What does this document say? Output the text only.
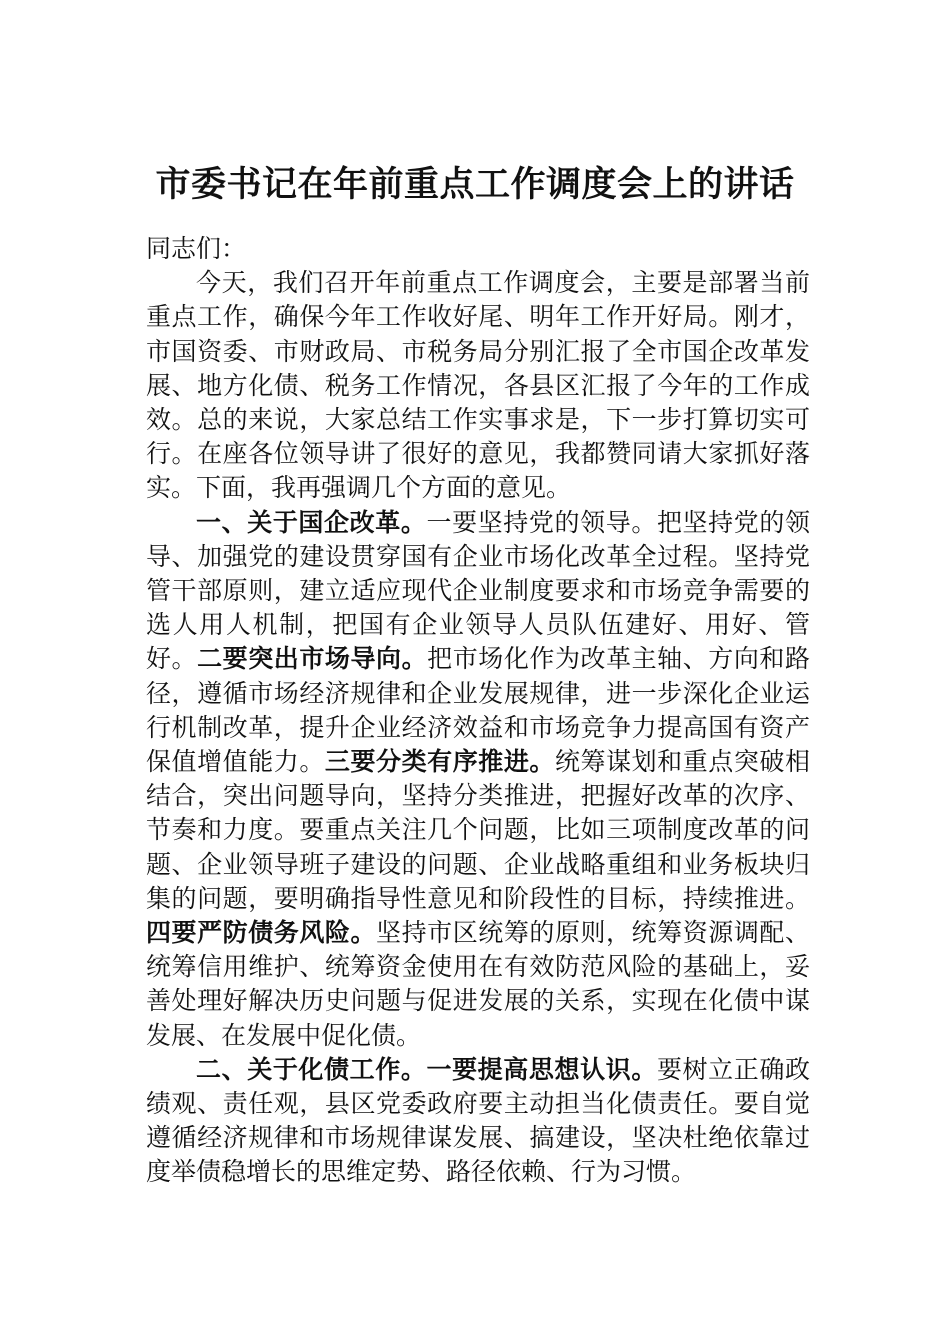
市委书记在年前重点工作调度会上的讲话

同志们：

今天，我们召开年前重点工作调度会，主要是部署当前重点工作，确保今年工作收好尾、明年工作开好局。刚才，市国资委、市财政局、市税务局分别汇报了全市国企改革发展、地方化债、税务工作情况，各县区汇报了今年的工作成效。总的来说，大家总结工作实事求是，下一步打算切实可行。在座各位领导讲了很好的意见，我都赞同请大家抓好落实。下面，我再强调几个方面的意见。

一、关于国企改革。一要坚持党的领导。把坚持党的领导、加强党的建设贯穿国有企业市场化改革全过程。坚持党管干部原则，建立适应现代企业制度要求和市场竞争需要的选人用人机制，把国有企业领导人员队伍建好、用好、管好。二要突出市场导向。把市场化作为改革主轴、方向和路径，遵循市场经济规律和企业发展规律，进一步深化企业运行机制改革，提升企业经济效益和市场竞争力提高国有资产保值增值能力。三要分类有序推进。统筹谋划和重点突破相结合，突出问题导向，坚持分类推进，把握好改革的次序、节奏和力度。要重点关注几个问题，比如三项制度改革的问题、企业领导班子建设的问题、企业战略重组和业务板块归集的问题，要明确指导性意见和阶段性的目标，持续推进。四要严防债务风险。坚持市区统筹的原则，统筹资源调配、统筹信用维护、统筹资金使用在有效防范风险的基础上，妥善处理好解决历史问题与促进发展的关系，实现在化债中谋发展、在发展中促化债。

二、关于化债工作。一要提高思想认识。要树立正确政绩观、责任观，县区党委政府要主动担当化债责任。要自觉遵循经济规律和市场规律谋发展、搞建设，坚决杜绝依靠过度举债稳增长的思维定势、路径依赖、行为习惯。
